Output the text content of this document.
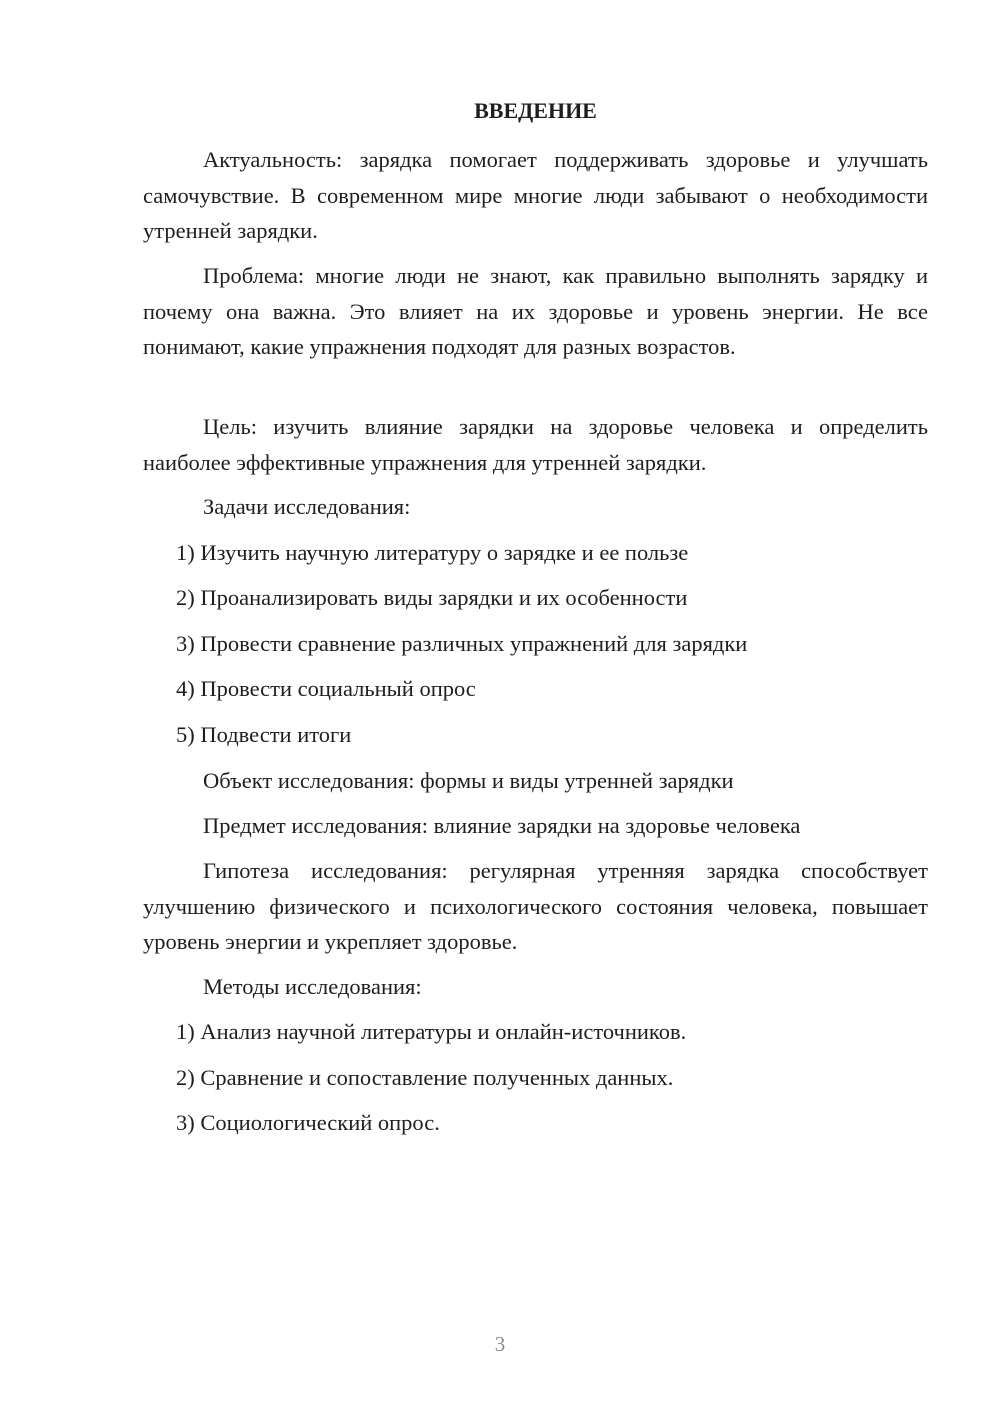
ВВЕДЕНИЕ

Актуальность: зарядка помогает поддерживать здоровье и улучшать самочувствие. В современном мире многие люди забывают о необходимости утренней зарядки.

Проблема: многие люди не знают, как правильно выполнять зарядку и почему она важна. Это влияет на их здоровье и уровень энергии. Не все понимают, какие упражнения подходят для разных возрастов.

Цель: изучить влияние зарядки на здоровье человека и определить наиболее эффективные упражнения для утренней зарядки.

Задачи исследования:

1) Изучить научную литературу о зарядке и ее пользе

2) Проанализировать виды зарядки и их особенности

3) Провести сравнение различных упражнений для зарядки

4) Провести социальный опрос

5) Подвести итоги

Объект исследования: формы и виды утренней зарядки

Предмет исследования: влияние зарядки на здоровье человека

Гипотеза исследования: регулярная утренняя зарядка способствует улучшению физического и психологического состояния человека, повышает уровень энергии и укрепляет здоровье.

Методы исследования:

1) Анализ научной литературы и онлайн-источников.

2) Сравнение и сопоставление полученных данных.

3) Социологический опрос.

3
